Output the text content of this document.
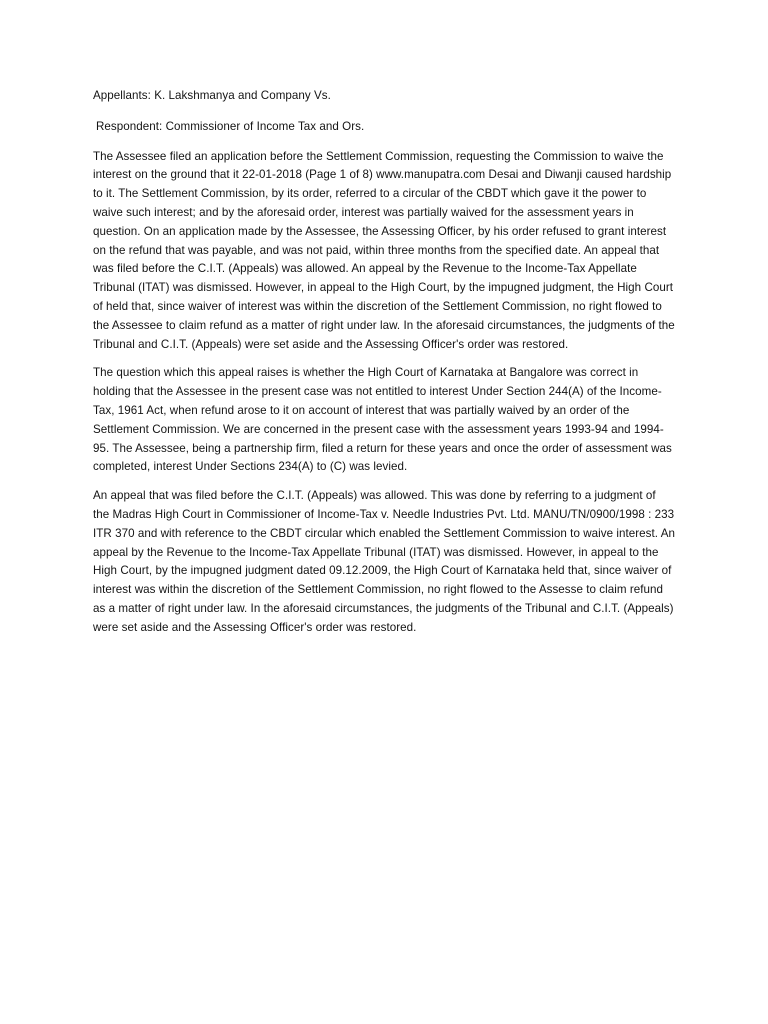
Appellants: K. Lakshmanya and Company Vs.
Respondent: Commissioner of Income Tax and Ors.

The Assessee filed an application before the Settlement Commission, requesting the Commission to waive the interest on the ground that it 22-01-2018 (Page 1 of 8) www.manupatra.com Desai and Diwanji caused hardship to it. The Settlement Commission, by its order, referred to a circular of the CBDT which gave it the power to waive such interest; and by the aforesaid order, interest was partially waived for the assessment years in question. On an application made by the Assessee, the Assessing Officer, by his order refused to grant interest on the refund that was payable, and was not paid, within three months from the specified date. An appeal that was filed before the C.I.T. (Appeals) was allowed. An appeal by the Revenue to the Income-Tax Appellate Tribunal (ITAT) was dismissed. However, in appeal to the High Court, by the impugned judgment, the High Court of held that, since waiver of interest was within the discretion of the Settlement Commission, no right flowed to the Assessee to claim refund as a matter of right under law. In the aforesaid circumstances, the judgments of the Tribunal and C.I.T. (Appeals) were set aside and the Assessing Officer's order was restored.

The question which this appeal raises is whether the High Court of Karnataka at Bangalore was correct in holding that the Assessee in the present case was not entitled to interest Under Section 244(A) of the Income-Tax, 1961 Act, when refund arose to it on account of interest that was partially waived by an order of the Settlement Commission. We are concerned in the present case with the assessment years 1993-94 and 1994-95. The Assessee, being a partnership firm, filed a return for these years and once the order of assessment was completed, interest Under Sections 234(A) to (C) was levied.

An appeal that was filed before the C.I.T. (Appeals) was allowed. This was done by referring to a judgment of the Madras High Court in Commissioner of Income-Tax v. Needle Industries Pvt. Ltd. MANU/TN/0900/1998 : 233 ITR 370 and with reference to the CBDT circular which enabled the Settlement Commission to waive interest. An appeal by the Revenue to the Income-Tax Appellate Tribunal (ITAT) was dismissed. However, in appeal to the High Court, by the impugned judgment dated 09.12.2009, the High Court of Karnataka held that, since waiver of interest was within the discretion of the Settlement Commission, no right flowed to the Assesse to claim refund as a matter of right under law. In the aforesaid circumstances, the judgments of the Tribunal and C.I.T. (Appeals) were set aside and the Assessing Officer's order was restored.
